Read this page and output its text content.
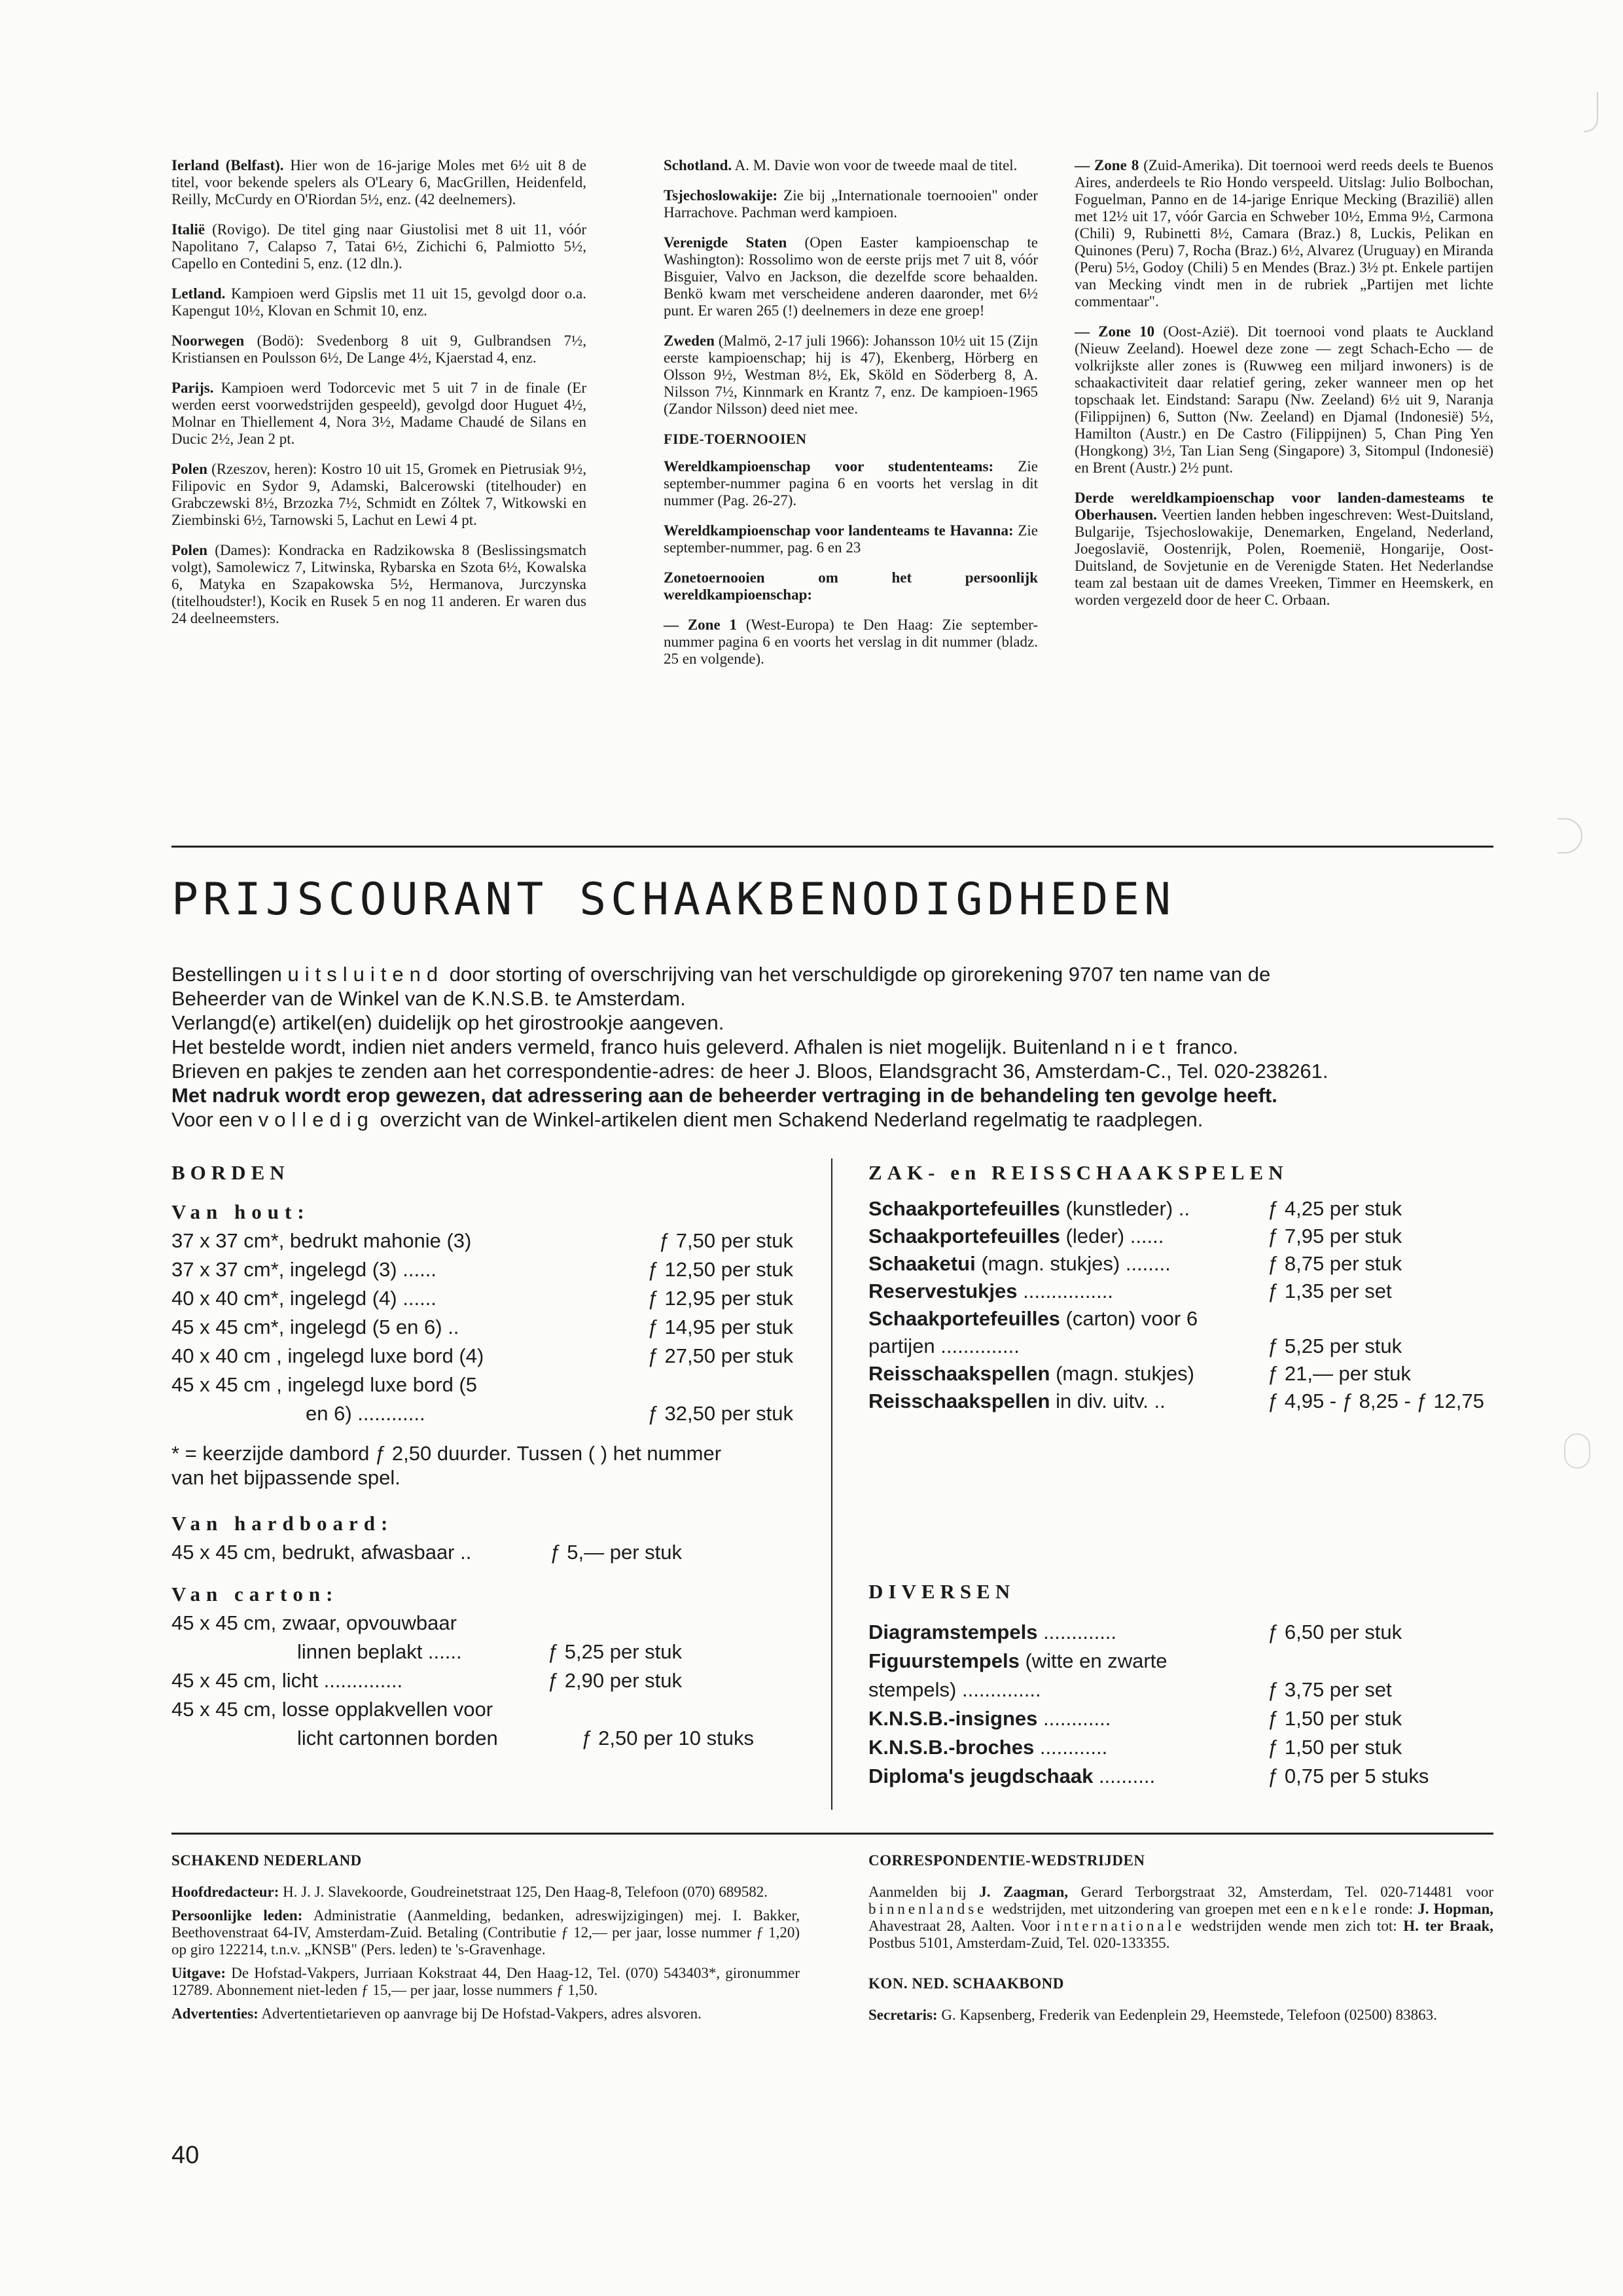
Ierland (Belfast). Hier won de 16-jarige Moles met 6½ uit 8 de titel, voor bekende spelers als O'Leary 6, MacGrillen, Heidenfeld, Reilly, McCurdy en O'Riordan 5½, enz. (42 deelnemers).

Italië (Rovigo). De titel ging naar Giustolisi met 8 uit 11, vóór Napolitano 7, Calapso 7, Tatai 6½, Zichichi 6, Palmiotto 5½, Capello en Contedini 5, enz. (12 dln.).

Letland. Kampioen werd Gipslis met 11 uit 15, gevolgd door o.a. Kapengut 10½, Klovan en Schmit 10, enz.

Noorwegen (Bodö): Svedenborg 8 uit 9, Gulbrandsen 7½, Kristiansen en Poulsson 6½, De Lange 4½, Kjaerstad 4, enz.

Parijs. Kampioen werd Todorcevic met 5 uit 7 in de finale (Er werden eerst voorwedstrijden gespeeld), gevolgd door Huguet 4½, Molnar en Thiellement 4, Nora 3½, Madame Chaudé de Silans en Ducic 2½, Jean 2 pt.

Polen (Rzeszov, heren): Kostro 10 uit 15, Gromek en Pietrusiak 9½, Filipovic en Sydor 9, Adamski, Balcerowski (titelhouder) en Grabczewski 8½, Brzozka 7½, Schmidt en Zóltek 7, Witkowski en Ziembinski 6½, Tarnowski 5, Lachut en Lewi 4 pt.

Polen (Dames): Kondracka en Radzikowska 8 (Beslissingsmatch volgt), Samolewicz 7, Litwinska, Rybarska en Szota 6½, Kowalska 6, Matyka en Szapakowska 5½, Hermanova, Jurczynska (titelhoudster!), Kocik en Rusek 5 en nog 11 anderen. Er waren dus 24 deelneemsters.

Schotland. A. M. Davie won voor de tweede maal de titel.

Tsjechoslowakije: Zie bij „Internationale toernooien" onder Harrachove. Pachman werd kampioen.

Verenigde Staten (Open Easter kampioenschap te Washington): Rossolimo won de eerste prijs met 7 uit 8, vóór Bisguier, Valvo en Jackson, die dezelfde score behaalden. Benkö kwam met verscheidene anderen daaronder, met 6½ punt. Er waren 265 (!) deelnemers in deze ene groep!

Zweden (Malmö, 2-17 juli 1966): Johansson 10½ uit 15 (Zijn eerste kampioenschap; hij is 47), Ekenberg, Hörberg en Olsson 9½, Westman 8½, Ek, Sköld en Söderberg 8, A. Nilsson 7½, Kinnmark en Krantz 7, enz. De kampioen-1965 (Zandor Nilsson) deed niet mee.

FIDE-TOERNOOIEN

Wereldkampioenschap voor studententeams: Zie september-nummer pagina 6 en voorts het verslag in dit nummer (Pag. 26-27).

Wereldkampioenschap voor landenteams te Havanna: Zie september-nummer, pag. 6 en 23

Zonetoernooien om het persoonlijk wereldkampioenschap:

— Zone 1 (West-Europa) te Den Haag: Zie september-nummer pagina 6 en voorts het verslag in dit nummer (bladz. 25 en volgende).

— Zone 8 (Zuid-Amerika). Dit toernooi werd reeds deels te Buenos Aires, anderdeels te Rio Hondo verspeeld. Uitslag: Julio Bolbochan, Foguelman, Panno en de 14-jarige Enrique Mecking (Brazilië) allen met 12½ uit 17, vóór Garcia en Schweber 10½, Emma 9½, Carmona (Chili) 9, Rubinetti 8½, Camara (Braz.) 8, Luckis, Pelikan en Quinones (Peru) 7, Rocha (Braz.) 6½, Alvarez (Uruguay) en Miranda (Peru) 5½, Godoy (Chili) 5 en Mendes (Braz.) 3½ pt. Enkele partijen van Mecking vindt men in de rubriek „Partijen met lichte commentaar".

— Zone 10 (Oost-Azië). Dit toernooi vond plaats te Auckland (Nieuw Zeeland). Hoewel deze zone — zegt Schach-Echo — de volkrijkste aller zones is (Ruwweg een miljard inwoners) is de schaakactiviteit daar relatief gering, zeker wanneer men op het topschaak let. Eindstand: Sarapu (Nw. Zeeland) 6½ uit 9, Naranja (Filippijnen) 6, Sutton (Nw. Zeeland) en Djamal (Indonesië) 5½, Hamilton (Austr.) en De Castro (Filippijnen) 5, Chan Ping Yen (Hongkong) 3½, Tan Lian Seng (Singapore) 3, Sitompul (Indonesië) en Brent (Austr.) 2½ punt.

Derde wereldkampioenschap voor landen-damesteams te Oberhausen. Veertien landen hebben ingeschreven: West-Duitsland, Bulgarije, Tsjechoslowakije, Denemarken, Engeland, Nederland, Joegoslavië, Oostenrijk, Polen, Roemenië, Hongarije, Oost-Duitsland, de Sovjetunie en de Verenigde Staten. Het Nederlandse team zal bestaan uit de dames Vreeken, Timmer en Heemskerk, en worden vergezeld door de heer C. Orbaan.

PRIJSCOURANT SCHAAKBENODIGDHEDEN
Bestellingen uitsluitend door storting of overschrijving van het verschuldigde op girorekening 9707 ten name van de
Beheerder van de Winkel van de K.N.S.B. te Amsterdam.
Verlangd(e) artikel(en) duidelijk op het girostrookje aangeven.
Het bestelde wordt, indien niet anders vermeld, franco huis geleverd. Afhalen is niet mogelijk. Buitenland niet franco.
Brieven en pakjes te zenden aan het correspondentie-adres: de heer J. Bloos, Elandsgracht 36, Amsterdam-C., Tel. 020-238261.
Met nadruk wordt erop gewezen, dat adressering aan de beheerder vertraging in de behandeling ten gevolge heeft.
Voor een volledig overzicht van de Winkel-artikelen dient men Schakend Nederland regelmatig te raadplegen.
BORDEN
Van hout:
37 x 37 cm*, bedrukt mahonie (3)	ƒ 7,50 per stuk
37 x 37 cm*, ingelegd (3) ......	ƒ 12,50 per stuk
40 x 40 cm*, ingelegd (4) ......	ƒ 12,95 per stuk
45 x 45 cm*, ingelegd (5 en 6) ..	ƒ 14,95 per stuk
40 x 40 cm , ingelegd luxe bord (4)	ƒ 27,50 per stuk
45 x 45 cm , ingelegd luxe bord (5
en 6) ............	ƒ 32,50 per stuk
* = keerzijde dambord ƒ 2,50 duurder. Tussen ( ) het nummer van het bijpassende spel.
Van hardboard:
45 x 45 cm, bedrukt, afwasbaar ..	ƒ 5,— per stuk
Van carton:
45 x 45 cm, zwaar, opvouwbaar
linnen beplakt ......	ƒ 5,25 per stuk
45 x 45 cm, licht ..............	ƒ 2,90 per stuk
45 x 45 cm, losse opplakvellen voor
licht cartonnen borden	ƒ 2,50 per 10 stuks
ZAK- en REISSCHAAKSPELEN
Schaakportefeuilles (kunstleder) ..	ƒ 4,25 per stuk
Schaakportefeuilles (leder) ......	ƒ 7,95 per stuk
Schaaketui (magn. stukjes) ........	ƒ 8,75 per stuk
Reservestukjes ................	ƒ 1,35 per set
Schaakportefeuilles (carton) voor 6
partijen ..............	ƒ 5,25 per stuk
Reisschaakspellen (magn. stukjes)	ƒ 21,— per stuk
Reisschaakspellen in div. uitv. ..	ƒ 4,95 - ƒ 8,25 - ƒ 12,75
DIVERSEN
Diagramstempels .............	ƒ 6,50 per stuk
Figuurstempels (witte en zwarte
stempels) ..............	ƒ 3,75 per set
K.N.S.B.-insignes ............	ƒ 1,50 per stuk
K.N.S.B.-broches ............	ƒ 1,50 per stuk
Diploma's jeugdschaak ..........	ƒ 0,75 per 5 stuks
SCHAKEND NEDERLAND

Hoofdredacteur: H. J. J. Slavekoorde, Goudreinetstraat 125, Den Haag-8, Telefoon (070) 689582.

Persoonlijke leden: Administratie (Aanmelding, bedanken, adreswijzigingen) mej. I. Bakker, Beethovenstraat 64-IV, Amsterdam-Zuid. Betaling (Contributie ƒ 12,— per jaar, losse nummer ƒ 1,20) op giro 122214, t.n.v. „KNSB" (Pers. leden) te 's-Gravenhage.

Uitgave: De Hofstad-Vakpers, Jurriaan Kokstraat 44, Den Haag-12, Tel. (070) 543403*, gironummer 12789. Abonnement niet-leden ƒ 15,— per jaar, losse nummers ƒ 1,50.

Advertenties: Advertentietarieven op aanvrage bij De Hofstad-Vakpers, adres alsvoren.

CORRESPONDENTIE-WEDSTRIJDEN

Aanmelden bij J. Zaagman, Gerard Terborgstraat 32, Amsterdam, Tel. 020-714481 voor binnenlandse wedstrijden, met uitzondering van groepen met een enkele ronde: J. Hopman, Ahavestraat 28, Aalten. Voor internationale wedstrijden wende men zich tot: H. ter Braak, Postbus 5101, Amsterdam-Zuid, Tel. 020-133355.

KON. NED. SCHAAKBOND

Secretaris: G. Kapsenberg, Frederik van Eedenplein 29, Heemstede, Telefoon (02500) 83863.

40
